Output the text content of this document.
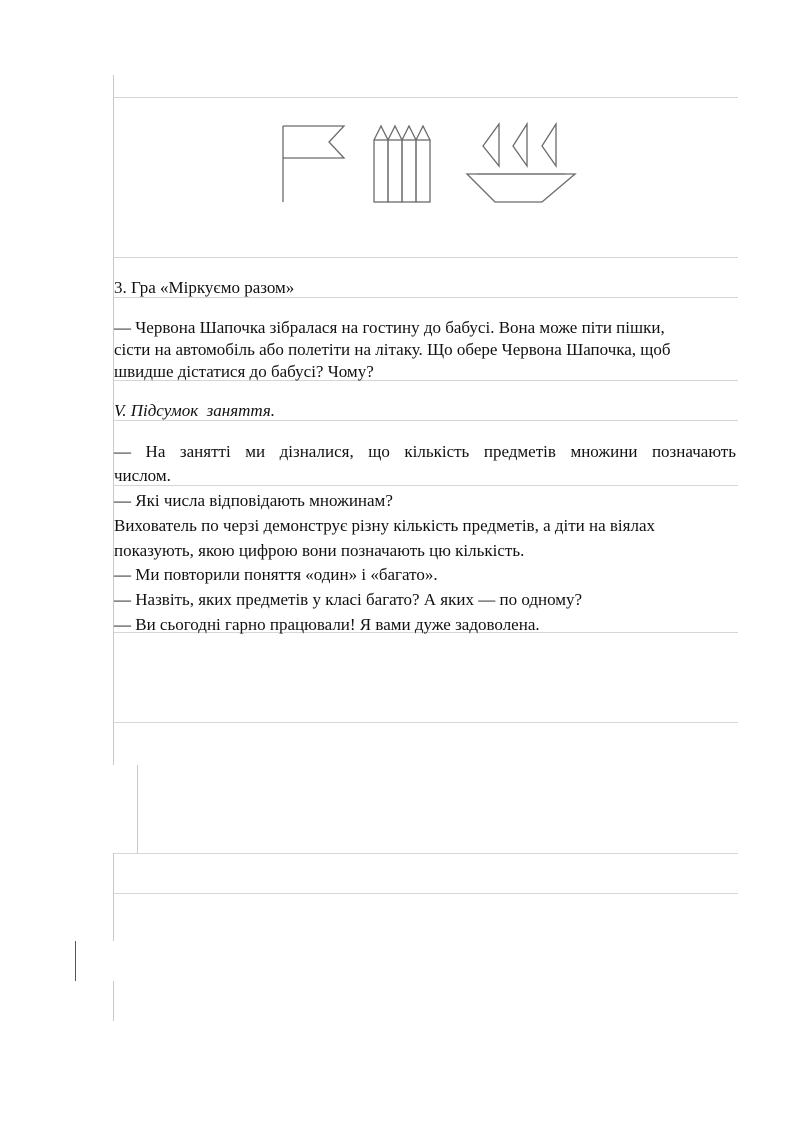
3. Гра «Міркуємо разом»
— Червона Шапочка зібралася на гостину до бабусі. Вона може піти пішки,
сісти на автомобіль або полетіти на літаку. Що обере Червона Шапочка, щоб
швидше дістатися до бабусі? Чому?
V. Підсумок  заняття.
— На занятті ми дізналися, що кількість предметів множини позначають
числом.
— Які числа відповідають множинам?
Вихователь по черзі демонструє різну кількість предметів, а діти на віялах
показують, якою цифрою вони позначають цю кількість.
— Ми повторили поняття «один» і «багато».
— Назвіть, яких предметів у класі багато? А яких — по одному?
— Ви сьогодні гарно працювали! Я вами дуже задоволена.
